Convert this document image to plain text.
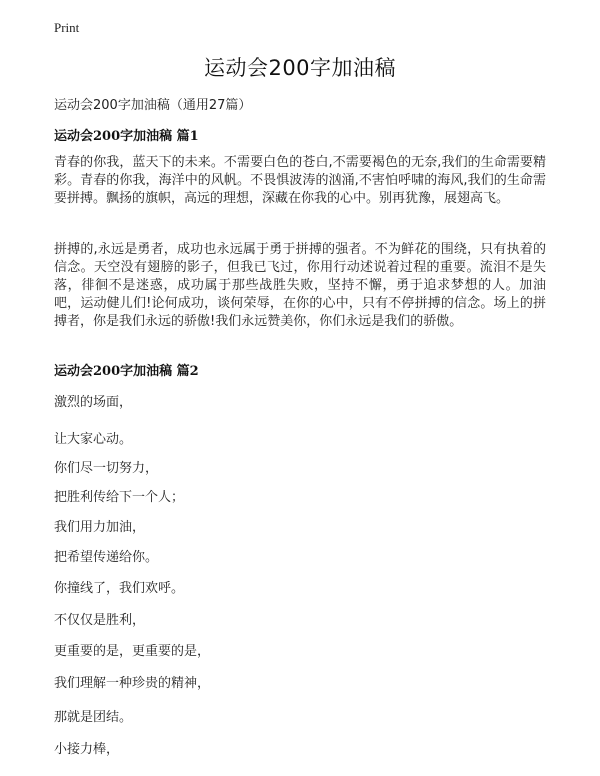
Print
运动会200字加油稿
运动会200字加油稿（通用27篇）
运动会200字加油稿 篇1
青春的你我，蓝天下的未来。不需要白色的苍白,不需要褐色的无奈,我们的生命需要精彩。青春的你我，海洋中的风帆。不畏惧波涛的汹涌,不害怕呼啸的海风,我们的生命需要拼搏。飘扬的旗帜，高远的理想，深藏在你我的心中。别再犹豫，展翅高飞。
拼搏的,永远是勇者，成功也永远属于勇于拼搏的强者。不为鲜花的围绕，只有执着的信念。天空没有翅膀的影子，但我已飞过，你用行动述说着过程的重要。流泪不是失落，徘徊不是迷惑，成功属于那些战胜失败，坚持不懈，勇于追求梦想的人。加油吧，运动健儿们!论何成功，谈何荣辱，在你的心中，只有不停拼搏的信念。场上的拼搏者，你是我们永远的骄傲!我们永远赞美你，你们永远是我们的骄傲。
运动会200字加油稿 篇2
激烈的场面，
让大家心动。
你们尽一切努力，
把胜利传给下一个人；
我们用力加油，
把希望传递给你。
你撞线了，我们欢呼。
不仅仅是胜利，
更重要的是，更重要的是，
我们理解一种珍贵的精神，
那就是团结。
小接力棒，
